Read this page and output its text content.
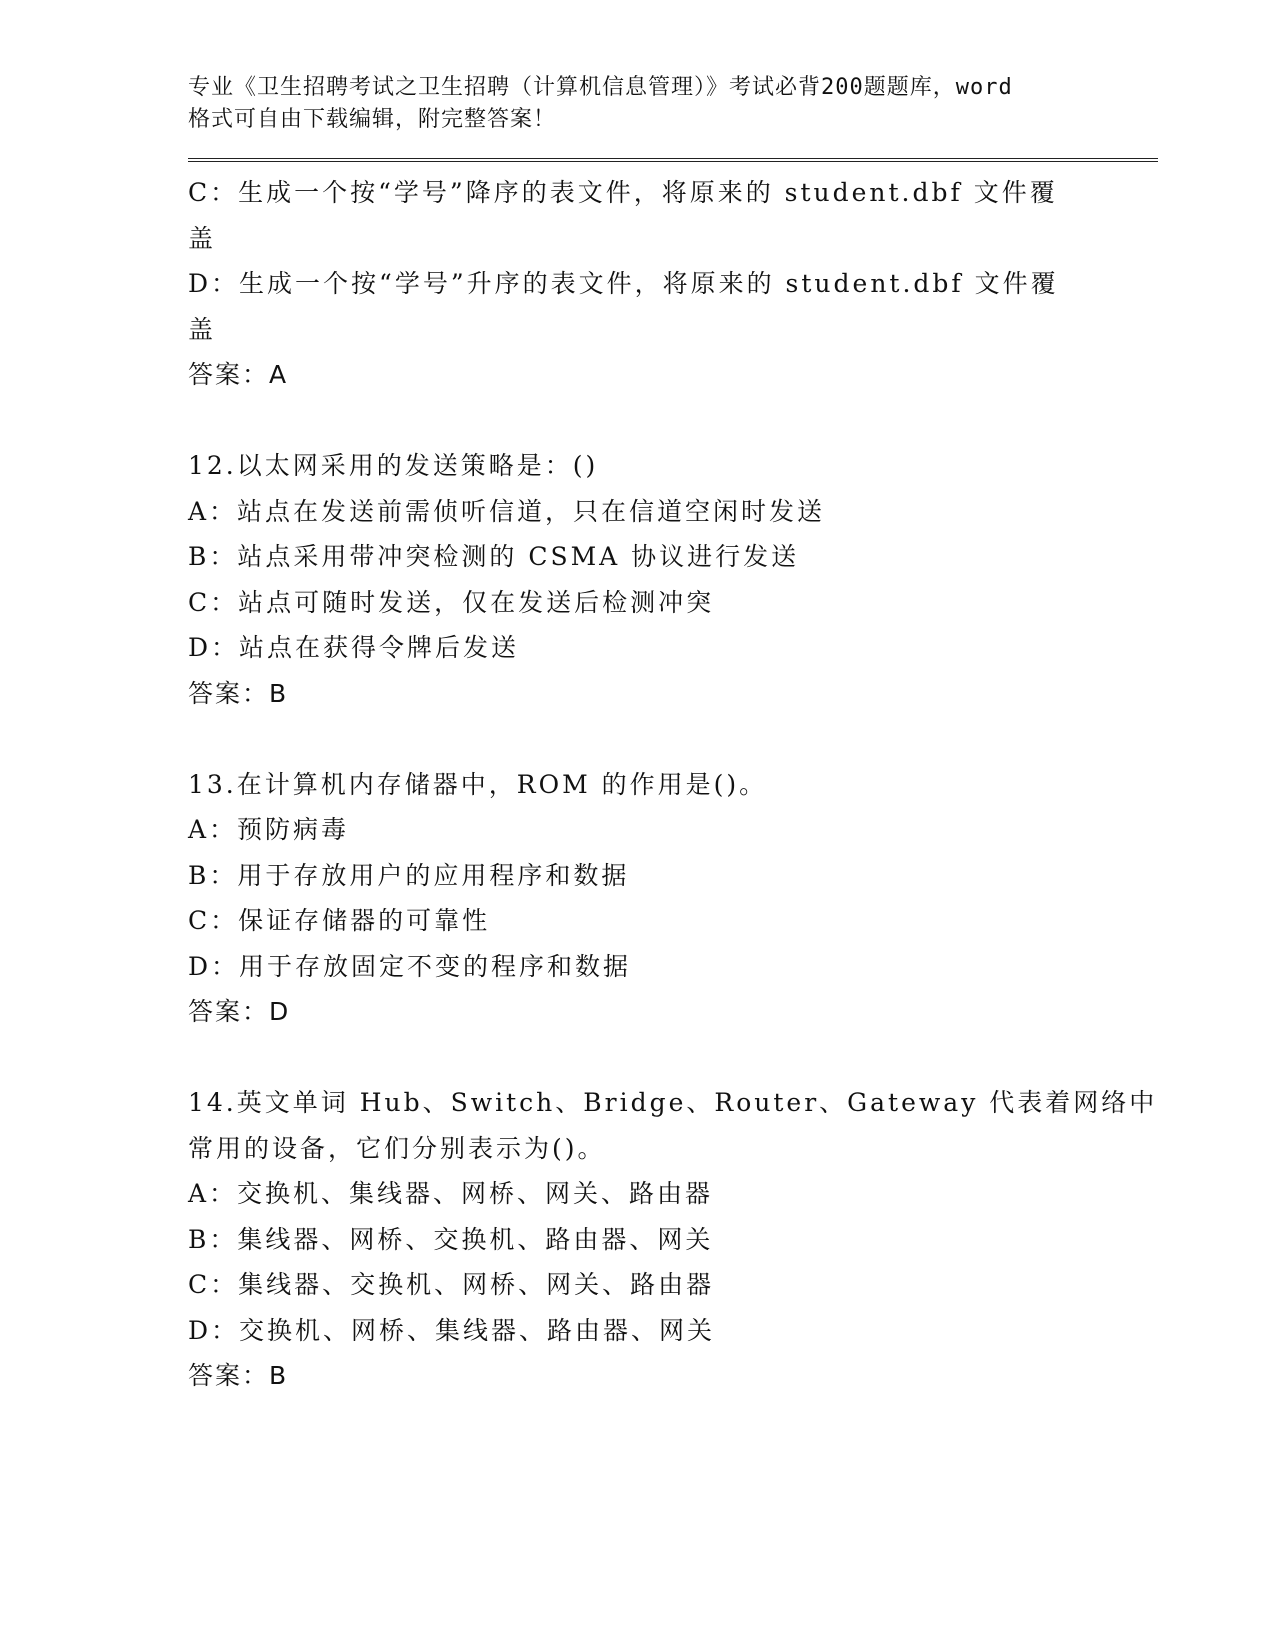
专业《卫生招聘考试之卫生招聘（计算机信息管理）》考试必背200题题库，word

格式可自由下载编辑，附完整答案！

C：生成一个按“学号”降序的表文件，将原来的 student.dbf 文件覆

盖

D：生成一个按“学号”升序的表文件，将原来的 student.dbf 文件覆

盖

答案：A

12.以太网采用的发送策略是：()

A：站点在发送前需侦听信道，只在信道空闲时发送

B：站点采用带冲突检测的 CSMA 协议进行发送

C：站点可随时发送，仅在发送后检测冲突

D：站点在获得令牌后发送

答案：B

13.在计算机内存储器中，ROM 的作用是()。

A：预防病毒

B：用于存放用户的应用程序和数据

C：保证存储器的可靠性

D：用于存放固定不变的程序和数据

答案：D

14.英文单词 Hub、Switch、Bridge、Router、Gateway 代表着网络中

常用的设备，它们分别表示为()。

A：交换机、集线器、网桥、网关、路由器

B：集线器、网桥、交换机、路由器、网关

C：集线器、交换机、网桥、网关、路由器

D：交换机、网桥、集线器、路由器、网关

答案：B
